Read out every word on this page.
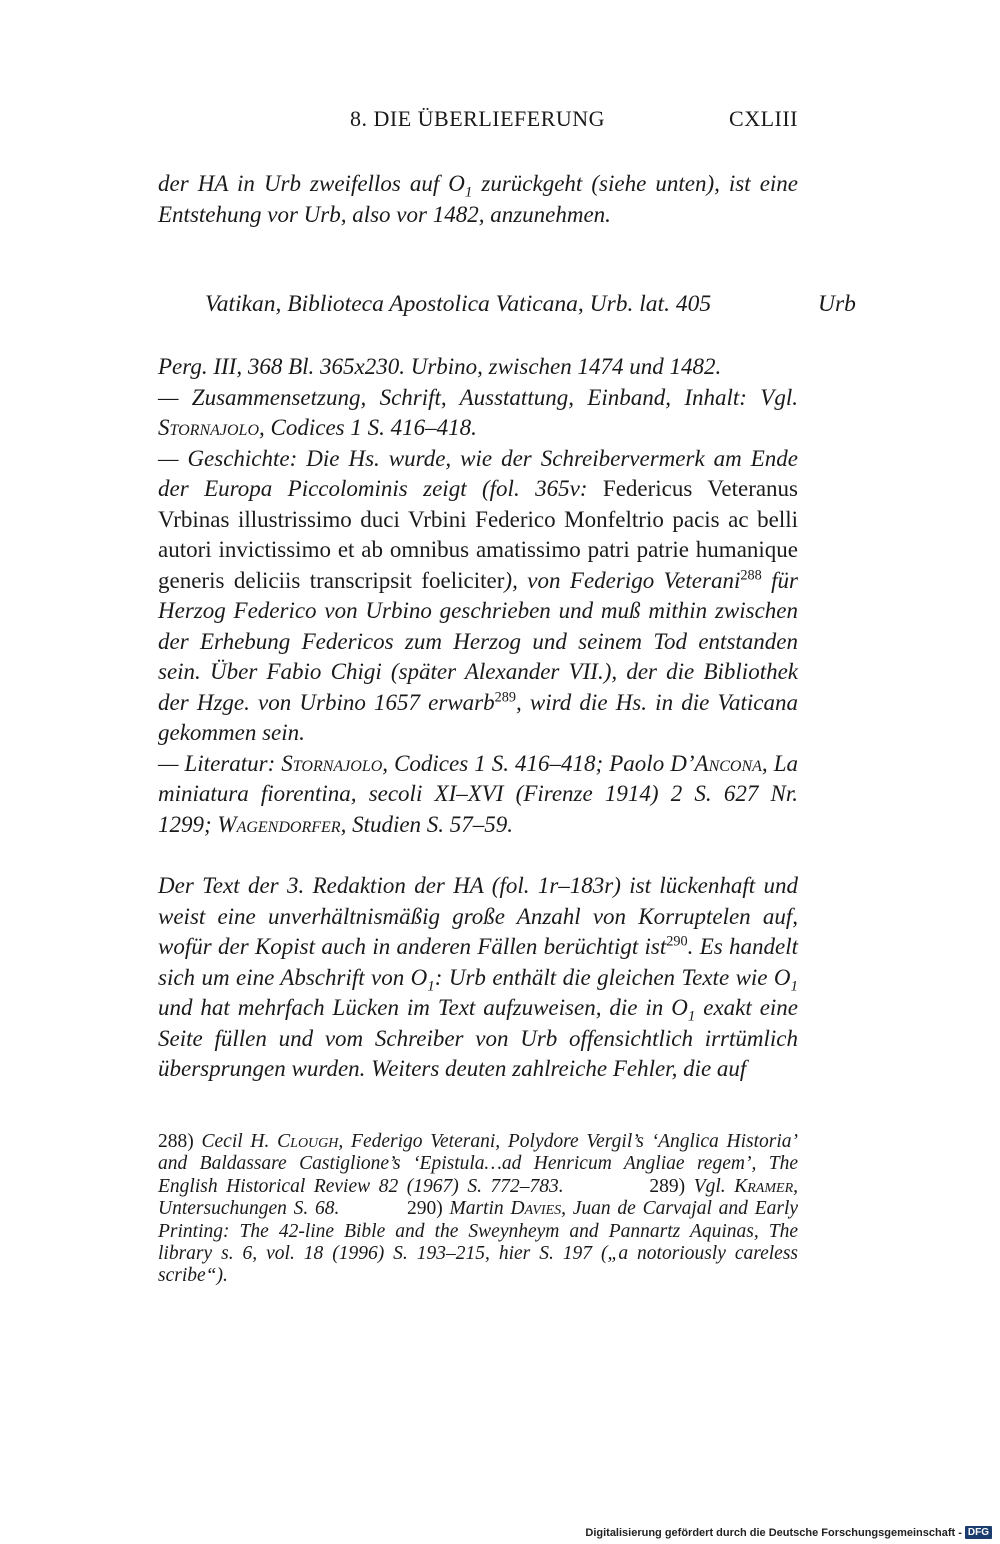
8. DIE ÜBERLIEFERUNG	CXLIII

der HA in Urb zweifellos auf $O_1$ zurückgeht (siehe unten), ist eine Entstehung vor Urb, also vor 1482, anzunehmen.

Vatikan, Biblioteca Apostolica Vaticana, Urb. lat. 405	Urb

Perg. III, 368 Bl. 365x230. Urbino, zwischen 1474 und 1482.

— Zusammensetzung, Schrift, Ausstattung, Einband, Inhalt: Vgl. Stornajolo, Codices 1 S. 416–418.

— Geschichte: Die Hs. wurde, wie der Schreibervermerk am Ende der Europa Piccolominis zeigt (fol. 365v: Federicus Veteranus Vrbinas illustrissimo duci Vrbini Federico Monfeltrio pacis ac belli autori invictissimo et ab omnibus amatissimo patri patrie humanique generis deliciis transcripsit foeliciter), von Federigo Veterani$^{288}$ für Herzog Federico von Urbino geschrieben und muß mithin zwischen der Erhebung Federicos zum Herzog und seinem Tod entstanden sein. Über Fabio Chigi (später Alexander VII.), der die Bibliothek der Hzge. von Urbino 1657 erwarb$^{289}$, wird die Hs. in die Vaticana gekommen sein.

— Literatur: Stornajolo, Codices 1 S. 416–418; Paolo D’Ancona, La miniatura fiorentina, secoli XI–XVI (Firenze 1914) 2 S. 627 Nr. 1299; Wagendorfer, Studien S. 57–59.

Der Text der 3. Redaktion der HA (fol. 1r–183r) ist lückenhaft und weist eine unverhältnismäßig große Anzahl von Korruptelen auf, wofür der Kopist auch in anderen Fällen berüchtigt ist$^{290}$. Es handelt sich um eine Abschrift von $O_1$: Urb enthält die gleichen Texte wie $O_1$ und hat mehrfach Lücken im Text aufzuweisen, die in $O_1$ exakt eine Seite füllen und vom Schreiber von Urb offensichtlich irrtümlich übersprungen wurden. Weiters deuten zahlreiche Fehler, die auf

288) Cecil H. Clough, Federigo Veterani, Polydore Vergil’s ‘Anglica Historia’ and Baldassare Castiglione’s ‘Epistula…ad Henricum Angliae regem’, The English Historical Review 82 (1967) S. 772–783.	289) Vgl. Kramer, Untersuchungen S. 68.	290) Martin Davies, Juan de Carvajal and Early Printing: The 42-line Bible and the Sweynheym and Pannartz Aquinas, The library s. 6, vol. 18 (1996) S. 193–215, hier S. 197 („a notoriously careless scribe“).

Digitalisierung gefördert durch die Deutsche Forschungsgemeinschaft - DFG
